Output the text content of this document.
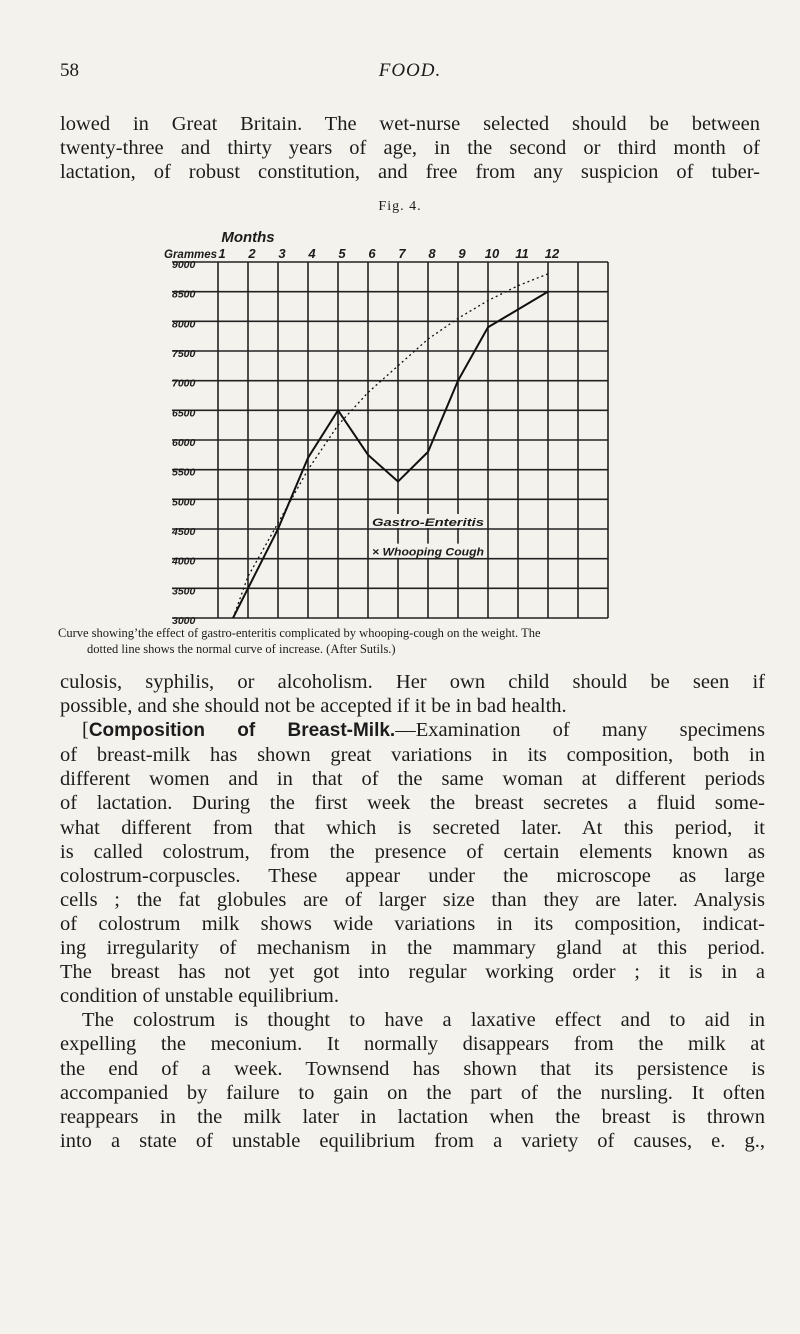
58	FOOD.

lowed in Great Britain. The wet-nurse selected should be between
twenty-three and thirty years of age, in the second or third month of
lactation, of robust constitution, and free from any suspicion of tuber-

Fig. 4.
Months
Grammes 1 2 3 4 5 6 7 8 9 10 11 12
9000
8500
8000
7500
7000
6500
6000
5500
5000
4500
4000
3500
3000
Gastro-Enteritis
× Whooping Cough
Curve showing’the effect of gastro-enteritis complicated by whooping-cough on the weight. The
dotted line shows the normal curve of increase. (After Sutils.)
culosis, syphilis, or alcoholism. Her own child should be seen if
possible, and she should not be accepted if it be in bad health.
[Composition of Breast-Milk.—Examination of many specimens
of breast-milk has shown great variations in its composition, both in
different women and in that of the same woman at different periods
of lactation. During the first week the breast secretes a fluid some-
what different from that which is secreted later. At this period, it
is called colostrum, from the presence of certain elements known as
colostrum-corpuscles. These appear under the microscope as large
cells ; the fat globules are of larger size than they are later. Analysis
of colostrum milk shows wide variations in its composition, indicat-
ing irregularity of mechanism in the mammary gland at this period.
The breast has not yet got into regular working order ; it is in a
condition of unstable equilibrium.
The colostrum is thought to have a laxative effect and to aid in
expelling the meconium. It normally disappears from the milk at
the end of a week. Townsend has shown that its persistence is
accompanied by failure to gain on the part of the nursling. It often
reappears in the milk later in lactation when the breast is thrown
into a state of unstable equilibrium from a variety of causes, e. g.,
